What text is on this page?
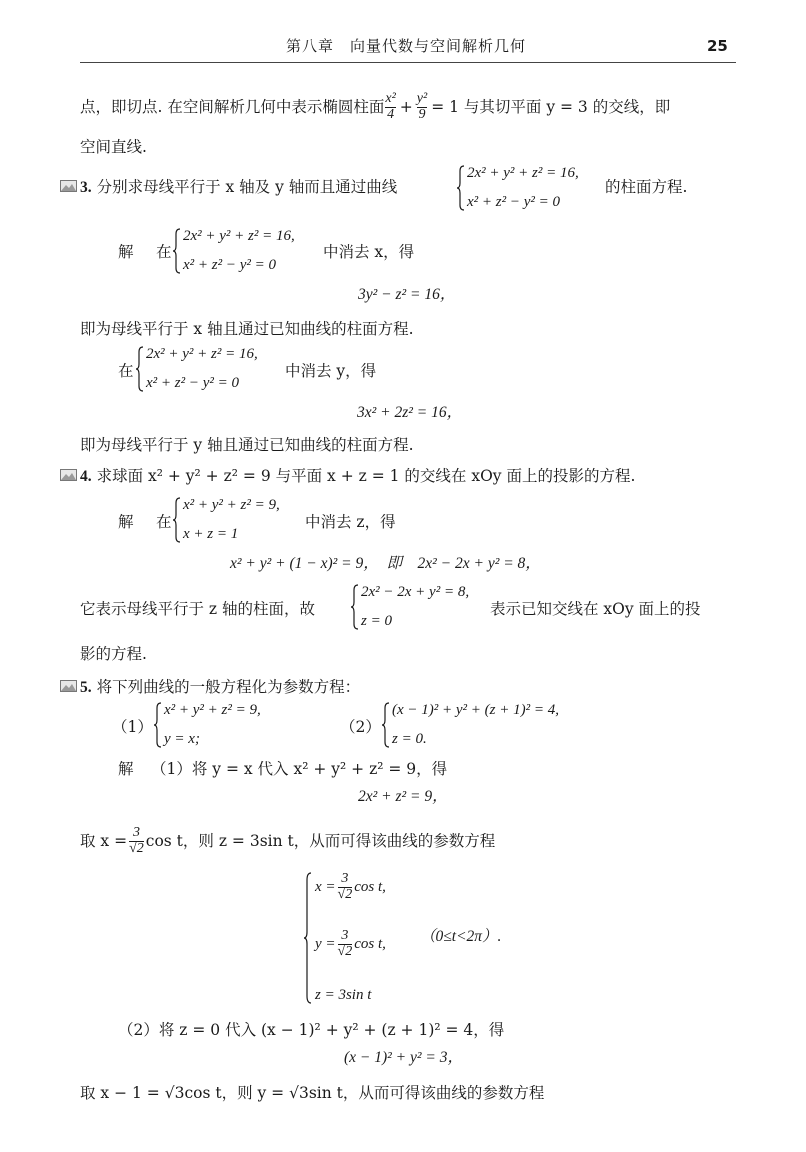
第八章　向量代数与空间解析几何	25
点，即切点. 在空间解析几何中表示椭圆柱面 $\frac{\text{x²}}{4} + \frac{\text{y²}}{9} = 1$ 与其切平面 y = 3 的交线，即
空间直线.
3. 分别求母线平行于 x 轴及 y 轴而且通过曲线
2x² + y² + z² = 16,
x² + z² − y² = 0
的柱面方程.
解 在
2x² + y² + z² = 16,
x² + z² − y² = 0
中消去 x，得
3y² − z² = 16，
即为母线平行于 x 轴且通过已知曲线的柱面方程.
在
2x² + y² + z² = 16,
x² + z² − y² = 0
中消去 y，得
3x² + 2z² = 16，
即为母线平行于 y 轴且通过已知曲线的柱面方程.
4. 求球面 x² + y² + z² = 9 与平面 x + z = 1 的交线在 xOy 面上的投影的方程.
解 在
x² + y² + z² = 9,
x + z = 1
中消去 z，得
x² + y² + (1 − x)² = 9，　即　2x² − 2x + y² = 8，
它表示母线平行于 z 轴的柱面，故
2x² − 2x + y² = 8,
z = 0
表示已知交线在 xOy 面上的投
影的方程.
5. 将下列曲线的一般方程化为参数方程：
（1）
x² + y² + z² = 9,
y = x;
（2）
(x − 1)² + y² + (z + 1)² = 4,
z = 0.
解 （1）将 y = x 代入 x² + y² + z² = 9，得
2x² + z² = 9，
取 $x = \frac{3}{√2}$ cos t，则 z = 3sin t，从而可得该曲线的参数方程
$x = \frac{3}{√2}$ cos t,
$y = \frac{3}{√2}$ cos t,
z = 3sin t
（0≤t<2π）.
（2）将 z = 0 代入 (x − 1)² + y² + (z + 1)² = 4，得
(x − 1)² + y² = 3，
取 x − 1 = √3cos t，则 y = √3sin t，从而可得该曲线的参数方程
